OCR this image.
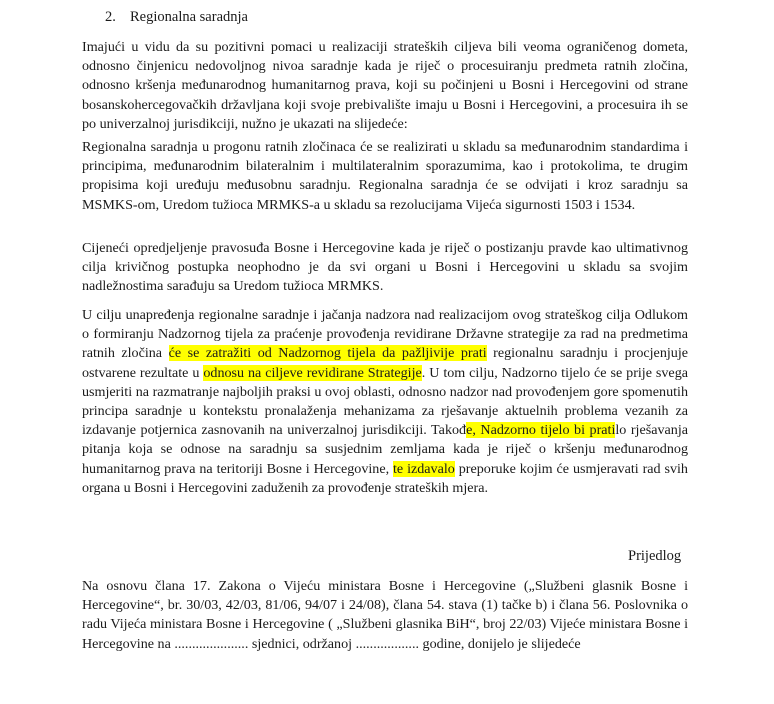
2. Regionalna saradnja

Imajući u vidu da su pozitivni pomaci u realizaciji strateških ciljeva bili veoma ograničenog dometa, odnosno činjenicu nedovoljnog nivoa saradnje kada je riječ o procesuiranju predmeta ratnih zločina, odnosno kršenja međunarodnog humanitarnog prava, koji su počinjeni u Bosni i Hercegovini od strane bosanskohercegovačkih državljana koji svoje prebivalište imaju u Bosni i Hercegovini, a procesuira ih se po univerzalnoj jurisdikciji, nužno je ukazati na slijedeće:

Regionalna saradnja u progonu ratnih zločinaca će se realizirati u skladu sa međunarodnim standardima i principima, međunarodnim bilateralnim i multilateralnim sporazumima, kao i protokolima, te drugim propisima koji uređuju međusobnu saradnju. Regionalna saradnja će se odvijati i kroz saradnju sa MSMKS-om, Uredom tužioca MRMKS-a u skladu sa rezolucijama Vijeća sigurnosti 1503 i 1534.

Cijeneći opredjeljenje pravosuđa Bosne i Hercegovine kada je riječ o postizanju pravde kao ultimativnog cilja krivičnog postupka neophodno je da svi organi u Bosni i Hercegovini u skladu sa svojim nadležnostima sarađuju sa Uredom tužioca MRMKS.

U cilju unapređenja regionalne saradnje i jačanja nadzora nad realizacijom ovog strateškog cilja Odlukom o formiranju Nadzornog tijela za praćenje provođenja revidirane Državne strategije za rad na predmetima ratnih zločina će se zatražiti od Nadzornog tijela da pažljivije prati regionalnu saradnju i procjenjuje ostvarene rezultate u odnosu na ciljeve revidirane Strategije. U tom cilju, Nadzorno tijelo će se prije svega usmjeriti na razmatranje najboljih praksi u ovoj oblasti, odnosno nadzor nad provođenjem gore spomenutih principa saradnje u kontekstu pronalaženja mehanizama za rješavanje aktuelnih problema vezanih za izdavanje potjernica zasnovanih na univerzalnoj jurisdikciji. Takođe, Nadzorno tijelo bi pratilo rješavanja pitanja koja se odnose na saradnju sa susjednim zemljama kada je riječ o kršenju međunarodnog humanitarnog prava na teritoriji Bosne i Hercegovine, te izdavalo preporuke kojim će usmjeravati rad svih organa u Bosni i Hercegovini zaduženih za provođenje strateških mjera.

Prijedlog

Na osnovu člana 17. Zakona o Vijeću ministara Bosne i Hercegovine („Službeni glasnik Bosne i Hercegovine“, br. 30/03, 42/03, 81/06, 94/07 i 24/08), člana 54. stava (1) tačke b) i člana 56. Poslovnika o radu Vijeća ministara Bosne i Hercegovine ( „Službeni glasnika BiH“, broj 22/03) Vijeće ministara Bosne i Hercegovine na ..................... sjednici, održanoj .................. godine, donijelo je slijedeće
